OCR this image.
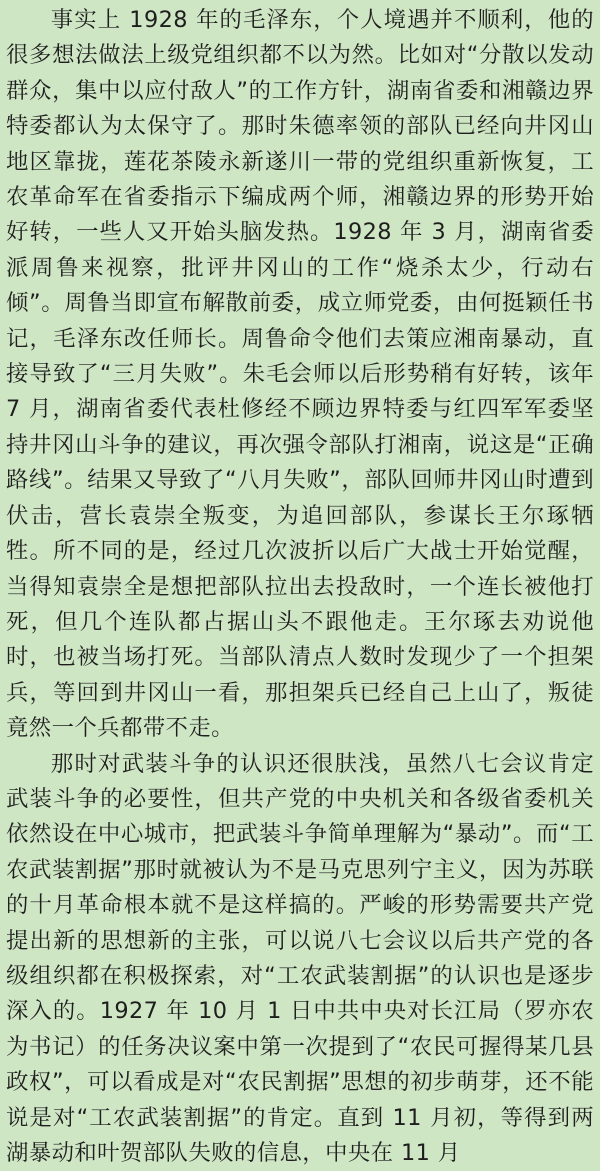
事实上 1928 年的毛泽东，个人境遇并不顺利，他的很多想法做法上级党组织都不以为然。比如对“分散以发动群众，集中以应付敌人”的工作方针，湖南省委和湘赣边界特委都认为太保守了。那时朱德率领的部队已经向井冈山地区靠拢，莲花茶陵永新遂川一带的党组织重新恢复，工农革命军在省委指示下编成两个师，湘赣边界的形势开始好转，一些人又开始头脑发热。1928 年 3 月，湖南省委派周鲁来视察，批评井冈山的工作“烧杀太少，行动右倾”。周鲁当即宣布解散前委，成立师党委，由何挺颖任书记，毛泽东改任师长。周鲁命令他们去策应湘南暴动，直接导致了“三月失败”。朱毛会师以后形势稍有好转，该年 7 月，湖南省委代表杜修经不顾边界特委与红四军军委坚持井冈山斗争的建议，再次强令部队打湘南，说这是“正确路线”。结果又导致了“八月失败”，部队回师井冈山时遭到伏击，营长袁崇全叛变，为追回部队，参谋长王尔琢牺牲。所不同的是，经过几次波折以后广大战士开始觉醒，当得知袁崇全是想把部队拉出去投敌时，一个连长被他打死，但几个连队都占据山头不跟他走。王尔琢去劝说他时，也被当场打死。当部队清点人数时发现少了一个担架兵，等回到井冈山一看，那担架兵已经自己上山了，叛徒竟然一个兵都带不走。

那时对武装斗争的认识还很肤浅，虽然八七会议肯定武装斗争的必要性，但共产党的中央机关和各级省委机关依然设在中心城市，把武装斗争简单理解为“暴动”。而“工农武装割据”那时就被认为不是马克思列宁主义，因为苏联的十月革命根本就不是这样搞的。严峻的形势需要共产党提出新的思想新的主张，可以说八七会议以后共产党的各级组织都在积极探索，对“工农武装割据”的认识也是逐步深入的。1927 年 10 月 1 日中共中央对长江局（罗亦农为书记）的任务决议案中第一次提到了“农民可握得某几县政权”，可以看成是对“农民割据”思想的初步萌芽，还不能说是对“工农武装割据”的肯定。直到 11 月初，等得到两湖暴动和叶贺部队失败的信息，中央在 11 月
